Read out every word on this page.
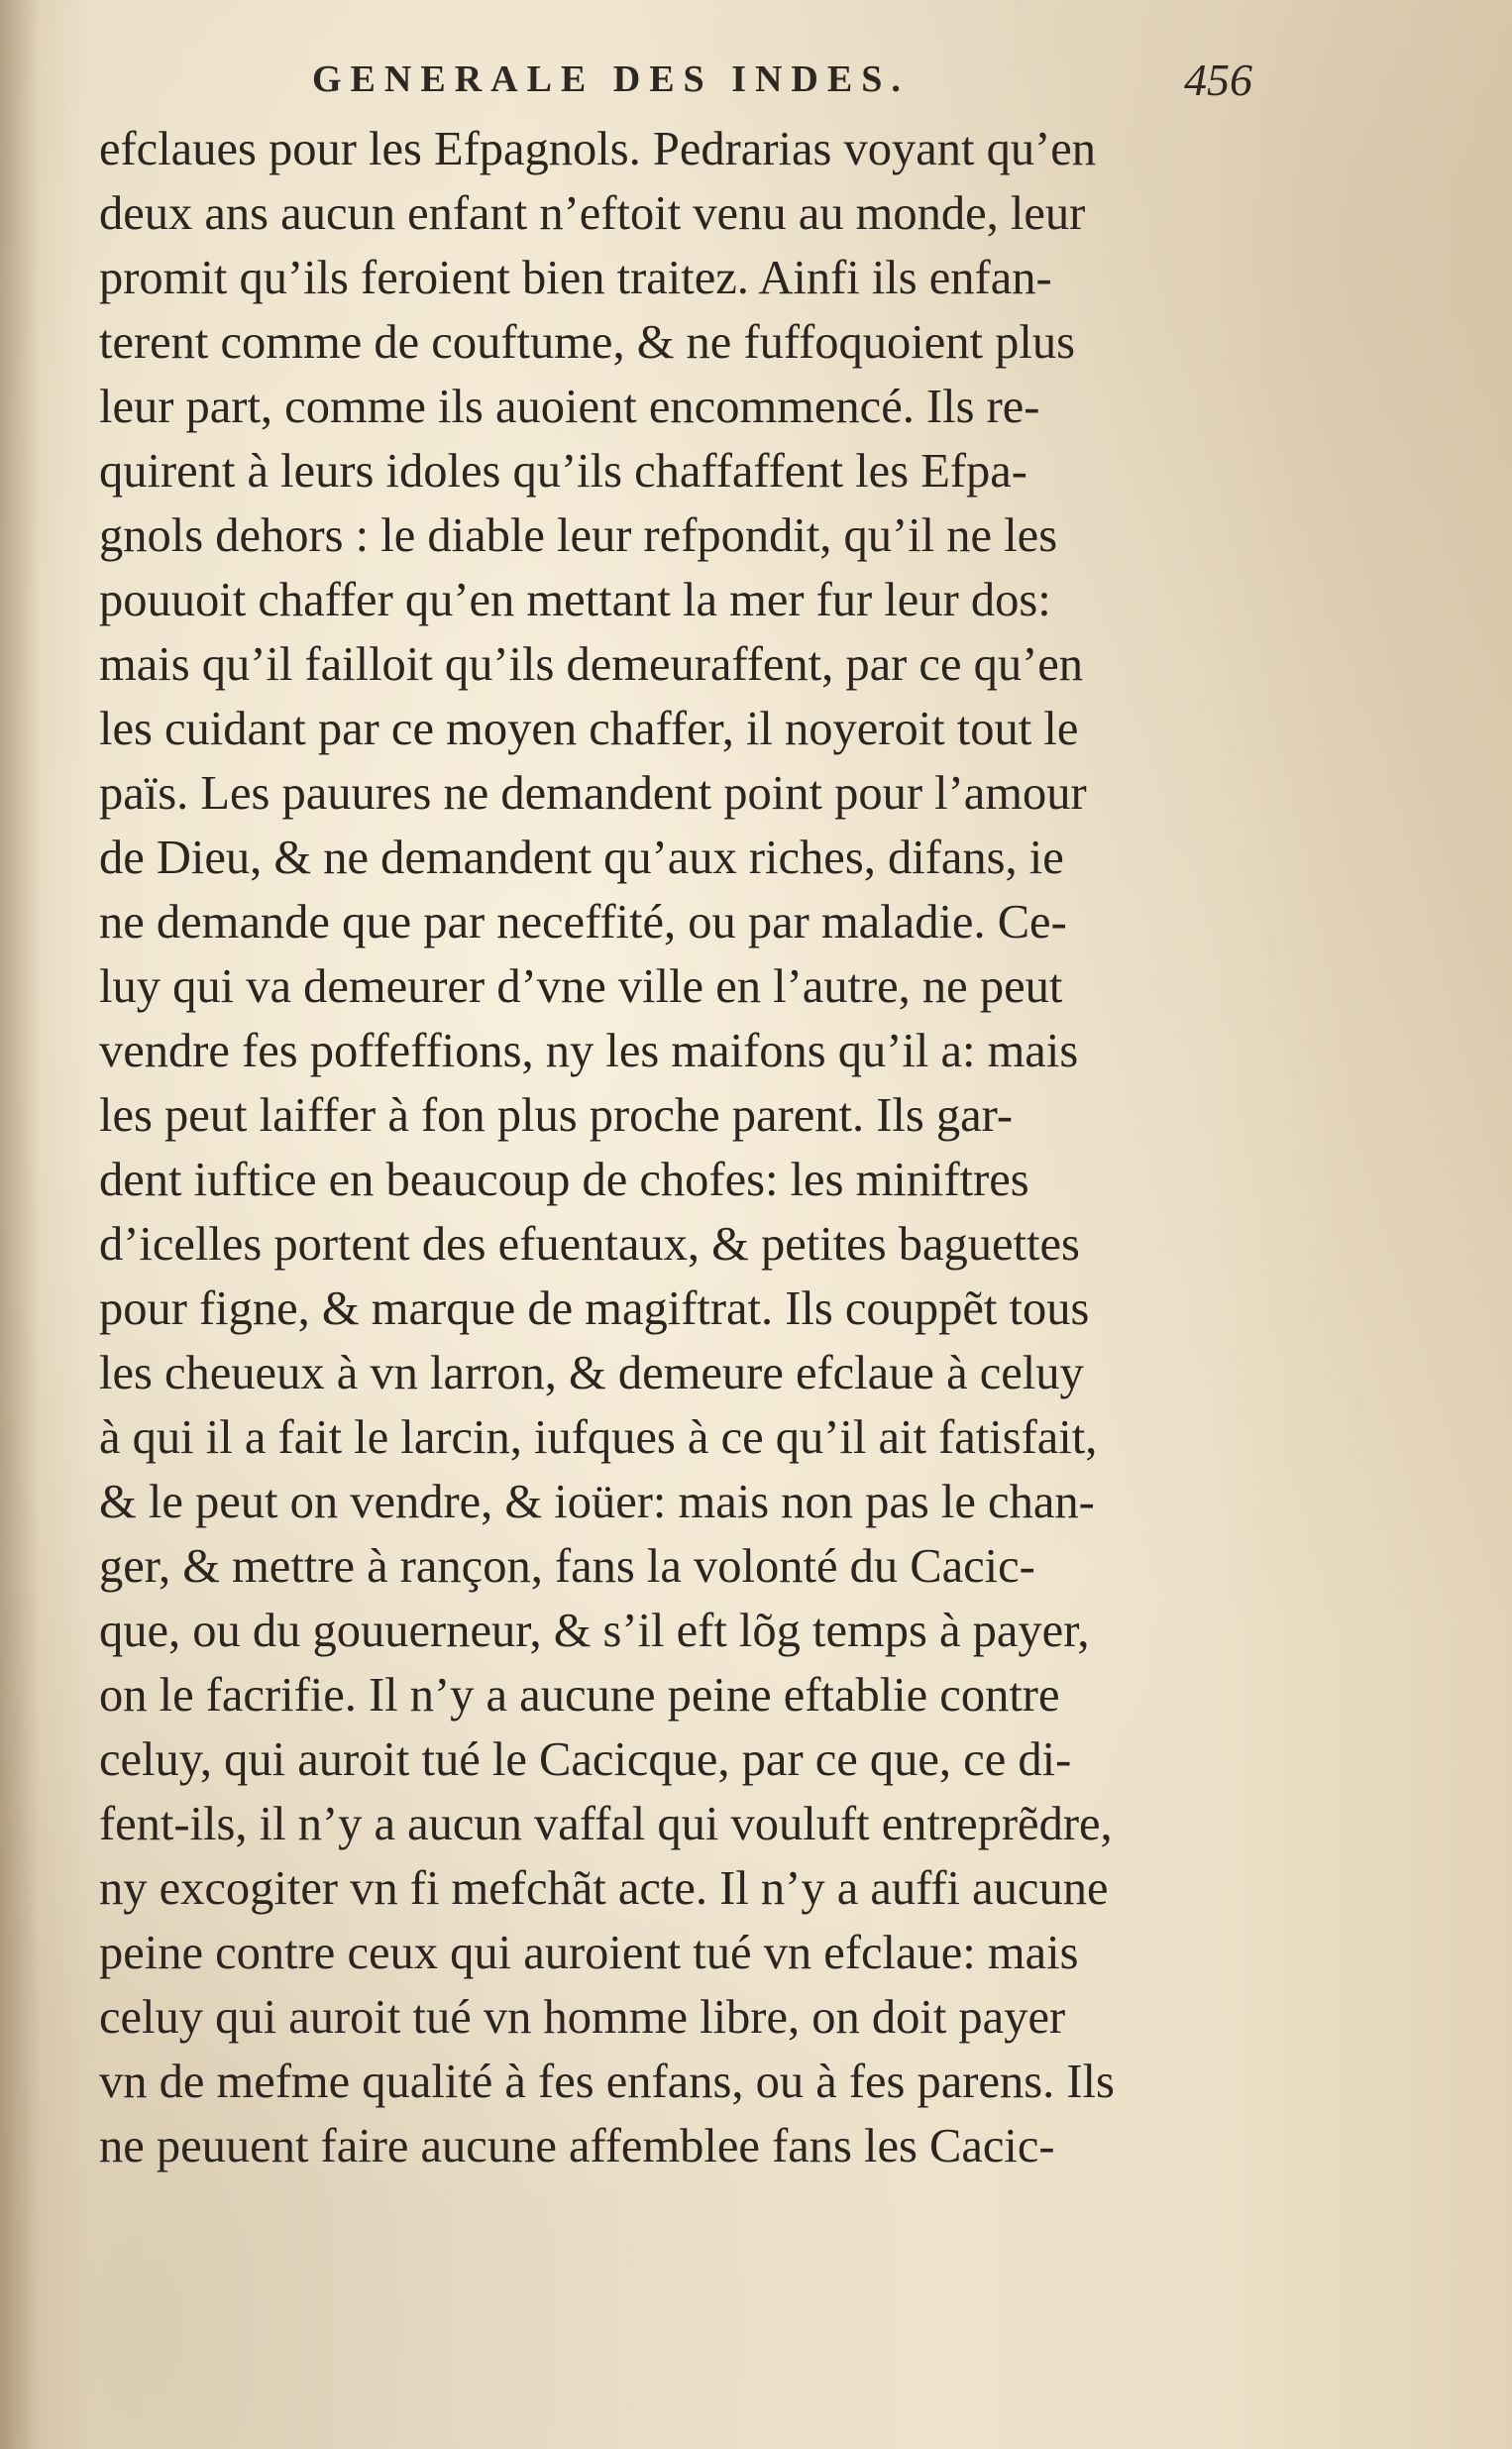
GENERALE DES INDES.	456
efclaues pour les Efpagnols. Pedrarias voyant qu’en
deux ans aucun enfant n’eftoit venu au monde, leur
promit qu’ils feroient bien traitez. Ainfi ils enfan-
terent comme de couftume, & ne fuffoquoient plus
leur part, comme ils auoient encommencé. Ils re-
quirent à leurs idoles qu’ils chaffaffent les Efpa-
gnols dehors : le diable leur refpondit, qu’il ne les
pouuoit chaffer qu’en mettant la mer fur leur dos:
mais qu’il failloit qu’ils demeuraffent, par ce qu’en
les cuidant par ce moyen chaffer, il noyeroit tout le
païs. Les pauures ne demandent point pour l’amour
de Dieu, & ne demandent qu’aux riches, difans, ie
ne demande que par neceffité, ou par maladie. Ce-
luy qui va demeurer d’vne ville en l’autre, ne peut
vendre fes poffeffions, ny les maifons qu’il a: mais
les peut laiffer à fon plus proche parent. Ils gar-
dent iuftice en beaucoup de chofes: les miniftres
d’icelles portent des efuentaux, & petites baguettes
pour figne, & marque de magiftrat. Ils couppẽt tous
les cheueux à vn larron, & demeure efclaue à celuy
à qui il a fait le larcin, iufques à ce qu’il ait fatisfait,
& le peut on vendre, & ioüer: mais non pas le chan-
ger, & mettre à rançon, fans la volonté du Cacic-
que, ou du gouuerneur, & s’il eft lõg temps à payer,
on le facrifie. Il n’y a aucune peine eftablie contre
celuy, qui auroit tué le Cacicque, par ce que, ce di-
fent-ils, il n’y a aucun vaffal qui vouluft entreprẽdre,
ny excogiter vn fi mefchãt acte. Il n’y a auffi aucune
peine contre ceux qui auroient tué vn efclaue: mais
celuy qui auroit tué vn homme libre, on doit payer
vn de mefme qualité à fes enfans, ou à fes parens. Ils
ne peuuent faire aucune affemblee fans les Cacic-
